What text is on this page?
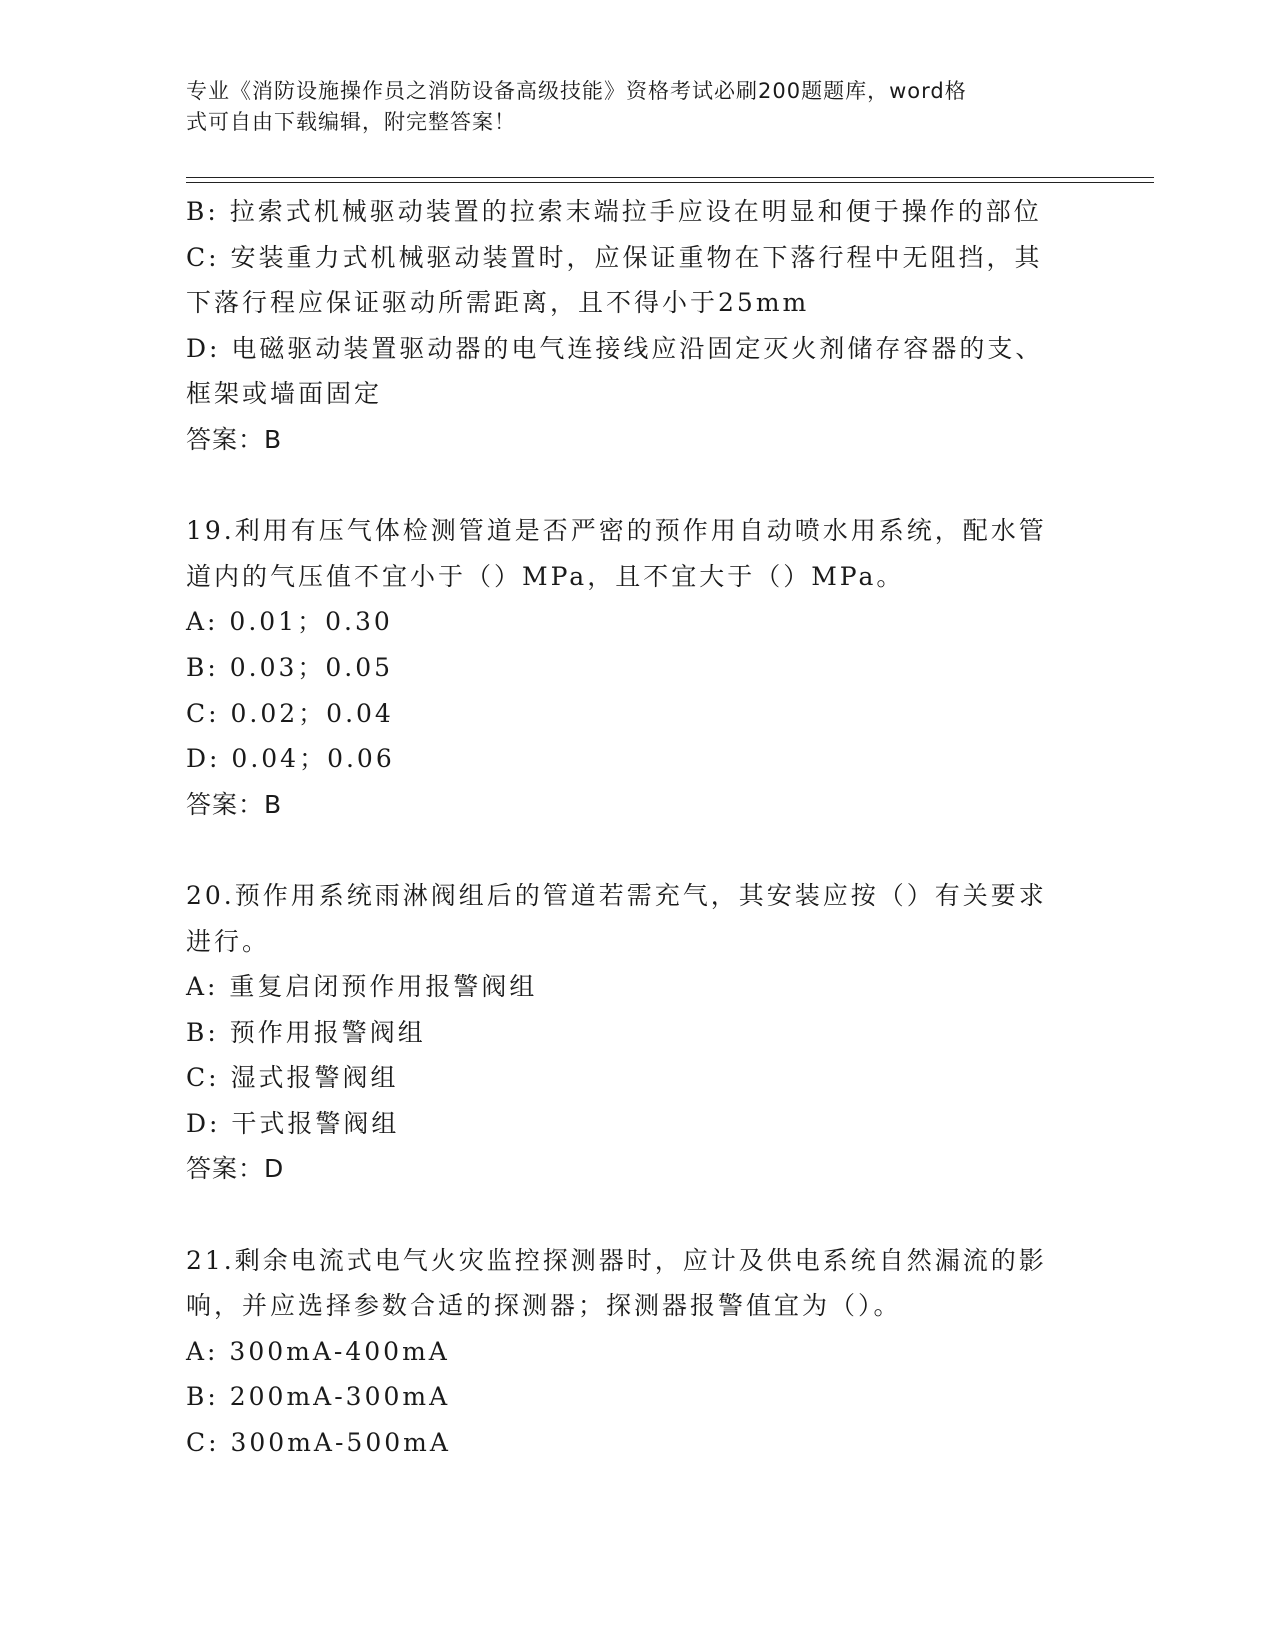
专业《消防设施操作员之消防设备高级技能》资格考试必刷200题题库，word格
式可自由下载编辑，附完整答案！
B: 拉索式机械驱动装置的拉索末端拉手应设在明显和便于操作的部位
C: 安装重力式机械驱动装置时，应保证重物在下落行程中无阻挡，其
下落行程应保证驱动所需距离，且不得小于25mm
D: 电磁驱动装置驱动器的电气连接线应沿固定灭火剂储存容器的支、
框架或墙面固定
答案：B
19.利用有压气体检测管道是否严密的预作用自动喷水用系统，配水管
道内的气压值不宜小于（）MPa，且不宜大于（）MPa。
A: 0.01；0.30
B: 0.03；0.05
C: 0.02；0.04
D: 0.04；0.06
答案：B
20.预作用系统雨淋阀组后的管道若需充气，其安装应按（）有关要求
进行。
A: 重复启闭预作用报警阀组
B: 预作用报警阀组
C: 湿式报警阀组
D: 干式报警阀组
答案：D
21.剩余电流式电气火灾监控探测器时，应计及供电系统自然漏流的影
响，并应选择参数合适的探测器；探测器报警值宜为（）。
A: 300mA-400mA
B: 200mA-300mA
C: 300mA-500mA
